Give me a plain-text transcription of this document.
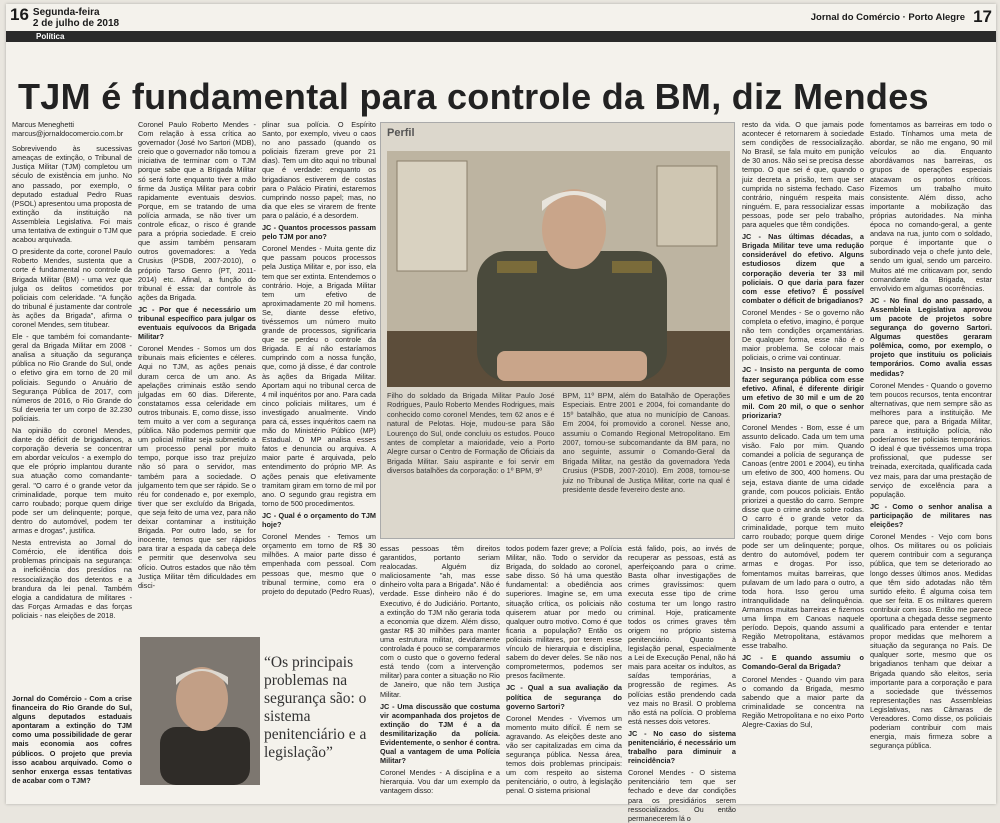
16 Segunda-feira
2 de julho de 2018
Jornal do Comércio · Porto Alegre 17
Política
TJM é fundamental para controle da BM, diz Mendes
Marcus Meneghetti
marcus@jornaldocomercio.com.br

Sobrevivendo às sucessivas ameaças de extinção, o Tribunal de Justiça Militar (TJM) completou um século de existência em junho. No ano passado, por exemplo, o deputado estadual Pedro Ruas (PSOL) apresentou uma proposta de extinção da instituição na Assembleia Legislativa. Foi mais uma tentativa de extinguir o TJM que acabou arquivada.

O presidente da corte, coronel Paulo Roberto Mendes, sustenta que a corte é fundamental no controle da Brigada Militar (BM) - uma vez que julga os delitos cometidos por policiais com celeridade. "A função do tribunal é justamente dar controle às ações da Brigada", afirma o coronel Mendes, sem titubear.

Ele - que também foi comandante-geral da Brigada Militar em 2008 - analisa a situação da segurança pública no Rio Grande do Sul, onde o efetivo gira em torno de 20 mil policiais. Segundo o Anuário de Segurança Pública de 2017, com números de 2016, o Rio Grande do Sul deveria ter um corpo de 32.230 policiais.

Na opinião do coronel Mendes, diante do déficit de brigadianos, a corporação deveria se concentrar em abordar veículos - a exemplo do que ele próprio implantou durante sua atuação como comandante-geral. "O carro é o grande vetor da criminalidade, porque tem muito carro roubado; porque quem dirige pode ser um delinquente; porque, dentro do automóvel, podem ter armas e drogas", justifica.

Nesta entrevista ao Jornal do Comércio, ele identifica dois problemas principais na segurança: a ineficiência dos presídios na ressocialização dos detentos e a brandura da lei penal. Também elogia a candidatura de militares - das Forças Armadas e das forças policiais - nas eleições de 2018.

Jornal do Comércio - Com a crise financeira do Rio Grande do Sul, alguns deputados estaduais apontaram a extinção do TJM como uma possibilidade de gerar mais economia aos cofres públicos. O projeto que previa isso acabou arquivado. Como o senhor enxerga essas tentativas de acabar com o TJM?

Coronel Paulo Roberto Mendes - Com relação à essa crítica ao governador (José Ivo Sartori (MDB), creio que o governador não tomou a iniciativa de terminar com o TJM porque sabe que a Brigada Militar só será forte enquanto tiver a mão firme da Justiça Militar para cobrir rapidamente eventuais desvios. Porque, em se tratando de uma polícia armada, se não tiver um controle eficaz, o risco é grande para a própria sociedade. E creio que assim também pensaram outros governadores: a Yeda Crusius (PSDB, 2007-2010), o próprio Tarso Genro (PT, 2011-2014) etc. Afinal, a função do tribunal é essa: dar controle às ações da Brigada.

JC - Por que é necessário um tribunal específico para julgar os eventuais equívocos da Brigada Militar?

Coronel Mendes - Somos um dos tribunais mais eficientes e céleres. Aqui no TJM, as ações penais duram cerca de um ano. As apelações criminais estão sendo julgadas em 60 dias. Diferente, constatamos essa celeridade em outros tribunais. E, como disse, isso tem muito a ver com a segurança pública. Não podemos permitir que um policial militar seja submetido a um processo penal por muito tempo, porque isso traz prejuízo não só para o servidor, mas também para a sociedade. O julgamento tem que ser rápido. Se o réu for condenado e, por exemplo, tiver que ser excluído da Brigada, que seja feito de uma vez, para não deixar contaminar a instituição Brigada. Por outro lado, se for inocente, temos que ser rápidos para tirar a espada da cabeça dele e permitir que desenvolva seu ofício. Outros estados que não têm Justiça Militar têm dificuldades em disci-

plinar sua polícia. O Espírito Santo, por exemplo, viveu o caos no ano passado (quando os policiais fizeram greve por 21 dias). Tem um dito aqui no tribunal que é verdade: enquanto os brigadianos estiverem de costas para o Palácio Piratini, estaremos cumprindo nosso papel; mas, no dia que eles se virarem de frente para o palácio, é a desordem.

JC - Quantos processos passam pelo TJM por ano?

Coronel Mendes - Muita gente diz que passam poucos processos pela Justiça Militar e, por isso, ela tem que ser extinta. Entendemos o contrário. Hoje, a Brigada Militar tem um efetivo de aproximadamente 20 mil homens. Se, diante desse efetivo, tivéssemos um número muito grande de processos, significaria que se perdeu o controle da Brigada. E aí não estaríamos cumprindo com a nossa função, que, como já disse, é dar controle às ações da Brigada Militar. Aportam aqui no tribunal cerca de 4 mil inquéritos por ano. Para cada cinco policiais militares, um é investigado anualmente. Vindo para cá, esses inquéritos caem na mão do Ministério Público (MP) Estadual. O MP analisa esses fatos e denuncia ou arquiva. A maior parte é arquivada, pelo entendimento do próprio MP. As ações penais que efetivamente tramitam giram em torno de mil por ano. O segundo grau registra em torno de 500 procedimentos.

JC - Qual é o orçamento do TJM hoje?

Coronel Mendes - Temos um orçamento em torno de R$ 30 milhões. A maior parte disso é empenhada com pessoal. Com pessoas que, mesmo que o tribunal termine, como era o projeto do deputado (Pedro Ruas),

Perfil
Filho do soldado da Brigada Militar Paulo José Rodrigues, Paulo Roberto Mendes Rodrigues, mais conhecido como coronel Mendes, tem 62 anos e é natural de Pelotas. Hoje, mudou-se para São Lourenço do Sul, onde concluiu os estudos. Pouco antes de completar a maioridade, veio a Porto Alegre cursar o Centro de Formação de Oficiais da Brigada Militar. Saiu aspirante e foi servir em diversos batalhões da corporação: o 1º BPM, 9º
BPM, 11º BPM, além do Batalhão de Operações Especiais. Entre 2001 e 2004, foi comandante do 15º batalhão, que atua no município de Canoas. Em 2004, foi promovido a coronel. Nesse ano, assumiu o Comando Regional Metropolitano. Em 2007, tornou-se subcomandante da BM para, no ano seguinte, assumir o Comando-Geral da Brigada Militar, na gestão da governadora Yeda Crusius (PSDB, 2007-2010). Em 2008, tornou-se juiz no Tribunal de Justiça Militar, corte na qual é presidente desde fevereiro deste ano.

essas pessoas têm direitos garantidos, portanto seriam realocadas. Alguém diz maliciosamente "ah, mas esse dinheiro volta para a Brigada". Não é verdade. Esse dinheiro não é do Executivo, é do Judiciário. Portanto, a extinção do TJM não geraria toda a economia que dizem. Além disso, gastar R$ 30 milhões para manter uma estrutura militar, devidamente controlada é pouco se compararmos com o custo que o governo federal está tendo (com a intervenção militar) para conter a situação no Rio de Janeiro, que não tem Justiça Militar.

JC - Uma discussão que costuma vir acompanhada dos projetos de extinção do TJM é a da desmilitarização da polícia. Evidentemente, o senhor é contra. Qual a vantagem de uma Polícia Militar?

Coronel Mendes - A disciplina e a hierarquia. Vou dar um exemplo da vantagem disso:

todos podem fazer greve; a Polícia Militar, não. Todo o servidor da Brigada, do soldado ao coronel, sabe disso. Só há uma questão fundamental: a obediência aos superiores. Imagine se, em uma situação crítica, os policiais não quiserem atuar por medo ou qualquer outro motivo. Como é que ficaria a população? Então os policiais militares, por terem esse vínculo de hierarquia e disciplina, sabem do dever deles. Se não nos comprometermos, podemos ser presos facilmente.

JC - Qual a sua avaliação da política de segurança do governo Sartori?

Coronel Mendes - Vivemos um momento muito difícil. É nem se agravando. As eleições deste ano vão ser capitalizadas em cima da segurança pública. Nessa área, temos dois problemas principais: um com respeito ao sistema penitenciário, o outro, à legislação penal. O sistema prisional

está falido, pois, ao invés de recuperar as pessoas, está as aperfeiçoando para o crime. Basta olhar investigações de crimes gravíssimos: quem executa esse tipo de crime costuma ter um longo rastro criminal. Hoje, praticamente todos os crimes graves têm origem no próprio sistema penitenciário. Quanto à legislação penal, especialmente a Lei de Execução Penal, não há mais para aceitar os indultos, as saídas temporárias, a progressão de regimes. As polícias estão prendendo cada vez mais no Brasil. O problema não está na polícia. O problema está nesses dois vetores.

JC - No caso do sistema penitenciário, é necessário um trabalho para diminuir a reincidência?

Coronel Mendes - O sistema penitenciário tem que ser fechado e deve dar condições para os presidiários serem ressocializados. Ou então permanecerem lá o

resto da vida. O que jamais pode acontecer é retornarem à sociedade sem condições de ressocialização. No Brasil, se fala muito em punição de 30 anos. Não sei se precisa desse tempo. O que sei é que, quando o juiz decreta a prisão, tem que ser cumprida no sistema fechado. Caso contrário, ninguém respeita mais ninguém. E, para ressocializar essas pessoas, pode ser pelo trabalho, para aqueles que têm condições.

JC - Nas últimas décadas, a Brigada Militar teve uma redução considerável do efetivo. Alguns estudiosos dizem que a corporação deveria ter 33 mil policiais. O que daria para fazer com esse efetivo? É possível combater o déficit de brigadianos?

Coronel Mendes - Se o governo não completa o efetivo, imagino, é porque não tem condições orçamentárias. De qualquer forma, esse não é o maior problema. Se colocar mais policiais, o crime vai continuar.

JC - Insisto na pergunta de como fazer segurança pública com esse efetivo. Afinal, é diferente dirigir um efetivo de 30 mil e um de 20 mil. Com 20 mil, o que o senhor priorizaria?

Coronel Mendes - Bom, esse é um assunto delicado. Cada um tem uma visão. Falo por mim. Quando comandei a polícia de segurança de Canoas (entre 2001 e 2004), eu tinha um efetivo de 300, 400 homens. Ou seja, estava diante de uma cidade grande, com poucos policiais. Então priorizei a questão do carro. Sempre disse que o crime anda sobre rodas. O carro é o grande vetor da criminalidade, porque tem muito carro roubado; porque quem dirige pode ser um delinquente; porque, dentro do automóvel, podem ter armas e drogas. Por isso, fomentamos muitas barreiras, que pulavam de um lado para o outro, a toda hora. Isso gerou uma intranquilidade na delinquência. Armamos muitas barreiras e fizemos uma limpa em Canoas naquele período. Depois, quando assumi a Região Metropolitana, estávamos esse trabalho.

JC - E quando assumiu o Comando-Geral da Brigada?

Coronel Mendes - Quando vim para o comando da Brigada, mesmo sabendo que a maior parte da criminalidade se concentra na Região Metropolitana e no eixo Porto Alegre-Caxias do Sul,

fomentamos as barreiras em todo o Estado. Tínhamos uma meta de abordar, se não me engano, 90 mil veículos ao dia. Enquanto abordávamos nas barreiras, os grupos de operações especiais atacavam os pontos críticos. Fizemos um trabalho muito consistente. Além disso, acho importante a mobilização das próprias autoridades. Na minha época no comando-geral, a gente andava na rua, junto com o soldado, porque é importante que o subordinado veja o chefe junto dele, sendo um igual, sendo um parceiro. Muitos até me criticavam por, sendo comandante da Brigada, estar envolvido em algumas ocorrências.

JC - No final do ano passado, a Assembleia Legislativa aprovou um pacote de projetos sobre segurança do governo Sartori. Algumas questões geraram polêmica, como, por exemplo, o projeto que instituiu os policiais temporários. Como avalia essas medidas?

Coronel Mendes - Quando o governo tem poucos recursos, tenta encontrar alternativas, que nem sempre são as melhores para a instituição. Me parece que, para a Brigada Militar, para a instituição polícia, não poderíamos ter policiais temporários. O ideal é que tivéssemos uma tropa profissional, que pudesse ser treinada, exercitada, qualificada cada vez mais, para dar uma prestação de serviço de excelência para a população.

JC - Como o senhor analisa a participação de militares nas eleições?

Coronel Mendes - Vejo com bons olhos. Os militares ou os policiais querem contribuir com a segurança pública, que tem se deteriorado ao longo desses últimos anos. Medidas que têm sido adotadas não têm surtido efeito. É alguma coisa tem que ser feita. E os militares querem contribuir com isso. Então me parece oportuna a chegada desse segmento qualificado para entender e tentar propor medidas que melhorem a situação da segurança no País. De qualquer sorte, mesmo que os brigadianos tenham que deixar a Brigada quando são eleitos, seria importante para a corporação e para a sociedade que tivéssemos representações nas Assembleias Legislativas, nas Câmaras de Vereadores. Como disse, os policiais poderiam contribuir com mais energia, mais firmeza sobre a segurança pública.

“Os principais problemas na segurança são: o sistema penitenciário e a legislação”
